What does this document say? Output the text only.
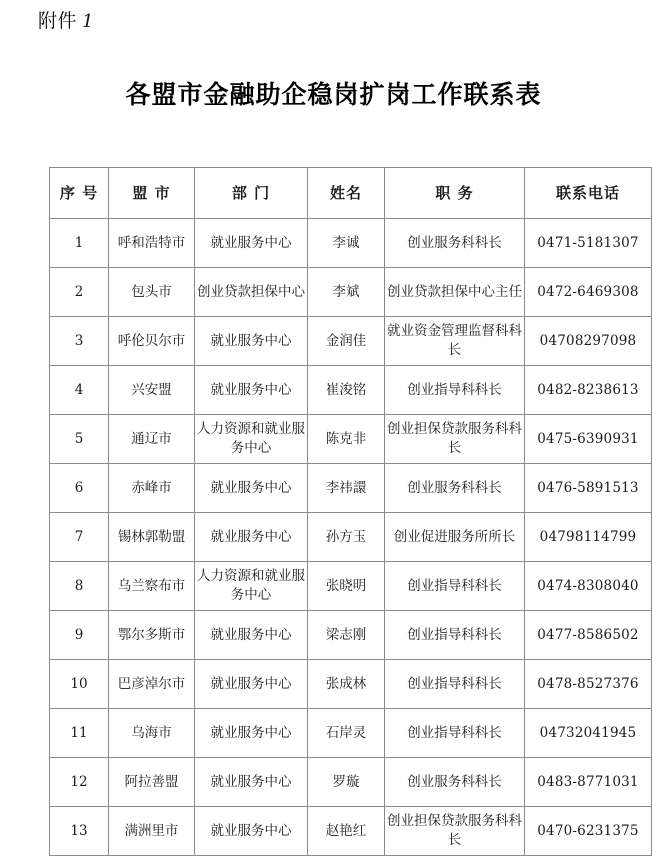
附件 1
各盟市金融助企稳岗扩岗工作联系表
序 号	盟 市	部 门	姓名	职 务	联系电话
1	呼和浩特市	就业服务中心	李诚	创业服务科科长	0471-5181307
2	包头市	创业贷款担保中心	李斌	创业贷款担保中心主任	0472-6469308
3	呼伦贝尔市	就业服务中心	金润佳	就业资金管理监督科科长	04708297098
4	兴安盟	就业服务中心	崔浚铭	创业指导科科长	0482-8238613
5	通辽市	人力资源和就业服务中心	陈克非	创业担保贷款服务科科长	0475-6390931
6	赤峰市	就业服务中心	李祎譞	创业服务科科长	0476-5891513
7	锡林郭勒盟	就业服务中心	孙方玉	创业促进服务所所长	04798114799
8	乌兰察布市	人力资源和就业服务中心	张晓明	创业指导科科长	0474-8308040
9	鄂尔多斯市	就业服务中心	梁志刚	创业指导科科长	0477-8586502
10	巴彦淖尔市	就业服务中心	张成林	创业指导科科长	0478-8527376
11	乌海市	就业服务中心	石岸灵	创业指导科科长	04732041945
12	阿拉善盟	就业服务中心	罗璇	创业服务科科长	0483-8771031
13	满洲里市	就业服务中心	赵艳红	创业担保贷款服务科科长	0470-6231375
